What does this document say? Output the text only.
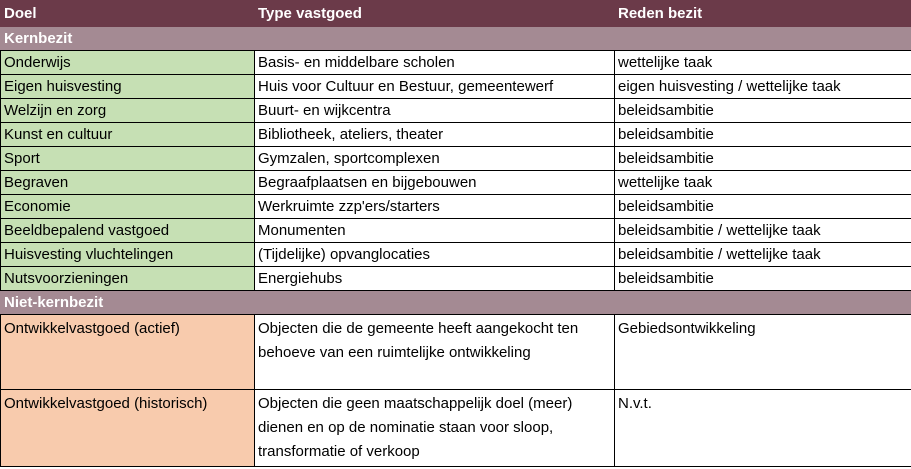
Doel	Type vastgoed	Reden bezit
Kernbezit		
Onderwijs	Basis- en middelbare scholen	wettelijke taak
Eigen huisvesting	Huis voor Cultuur en Bestuur, gemeentewerf	eigen huisvesting / wettelijke taak
Welzijn en zorg	Buurt- en wijkcentra	beleidsambitie
Kunst en cultuur	Bibliotheek, ateliers, theater	beleidsambitie
Sport	Gymzalen, sportcomplexen	beleidsambitie
Begraven	Begraafplaatsen en bijgebouwen	wettelijke taak
Economie	Werkruimte zzp'ers/starters	beleidsambitie
Beeldbepalend vastgoed	Monumenten	beleidsambitie / wettelijke taak
Huisvesting vluchtelingen	(Tijdelijke) opvanglocaties	beleidsambitie / wettelijke taak
Nutsvoorzieningen	Energiehubs	beleidsambitie
Niet-kernbezit		
Ontwikkelvastgoed (actief)	Objecten die de gemeente heeft aangekocht ten behoeve van een ruimtelijke ontwikkeling	Gebiedsontwikkeling
Ontwikkelvastgoed (historisch)	Objecten die geen maatschappelijk doel (meer) dienen en op de nominatie staan voor sloop, transformatie of verkoop	N.v.t.
